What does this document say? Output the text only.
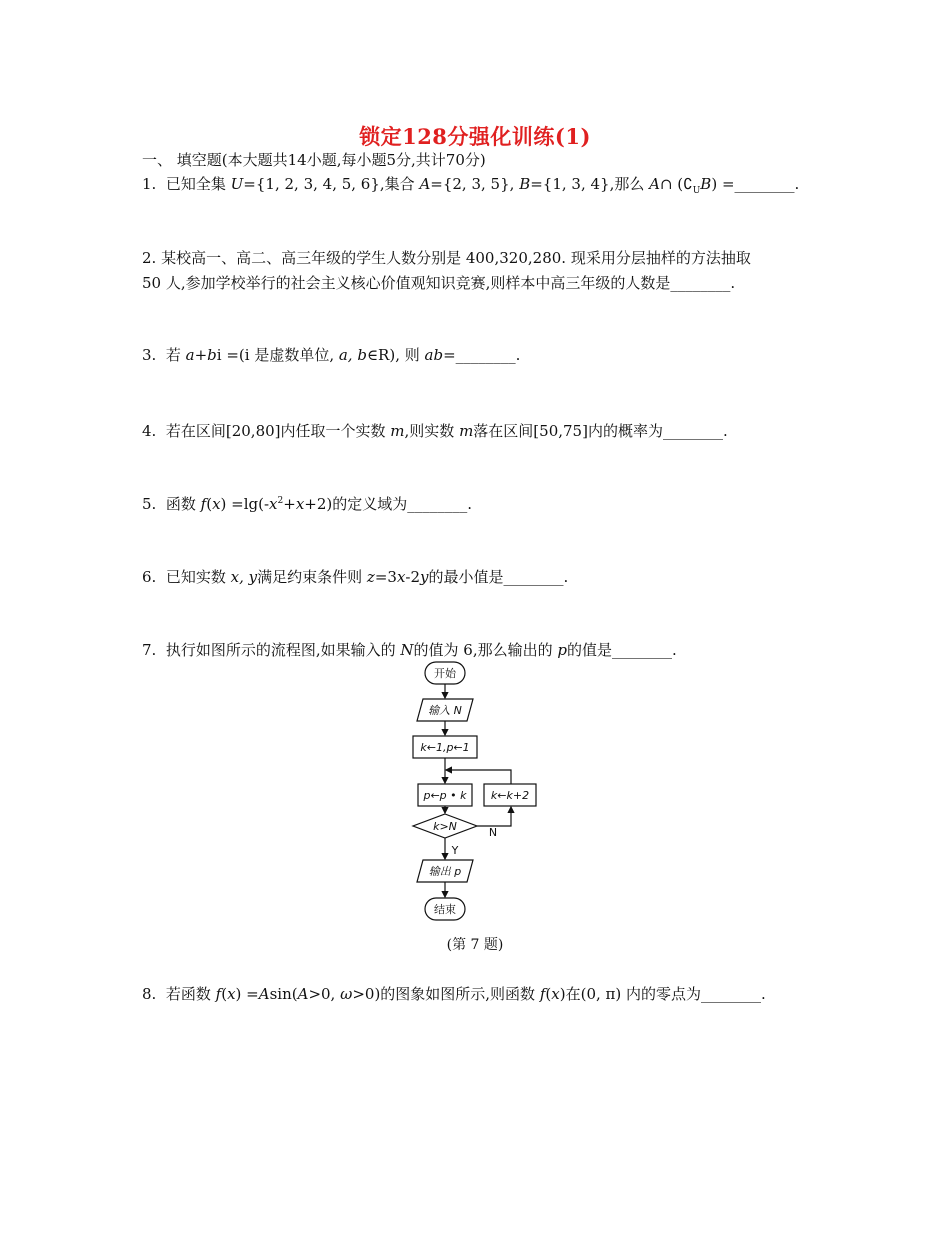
锁定128分强化训练(1)
一、 填空题(本大题共14小题,每小题5分,共计70分)
1. 已知全集 U={1, 2, 3, 4, 5, 6},集合 A={2, 3, 5}, B={1, 3, 4},那么 A∩ $(∁_UB)$ =________.
2. 某校高一、高二、高三年级的学生人数分别是 400,320,280. 现采用分层抽样的方法抽取
50 人,参加学校举行的社会主义核心价值观知识竞赛,则样本中高三年级的人数是________.
3. 若 a+bi =(i 是虚数单位, a, b∈R), 则 ab=________.
4. 若在区间[20,80]内任取一个实数 m,则实数 m落在区间[50,75]内的概率为________.
5. 函数 $f(x) =\lg(-x^2+x+2)$的定义域为________.
6. 已知实数 x, y满足约束条件则 z=3x-2y的最小值是________.
7. 执行如图所示的流程图,如果输入的 N的值为 6,那么输出的 p的值是________.
开始
输入 N
k←1,p←1
p←p • k k←k+2
k>N	N
Y
输出 p
结束
(第 7 题)
8. 若函数 f(x) =Asin(A>0, ω>0)的图象如图所示,则函数 f(x)在(0, π) 内的零点为________.
